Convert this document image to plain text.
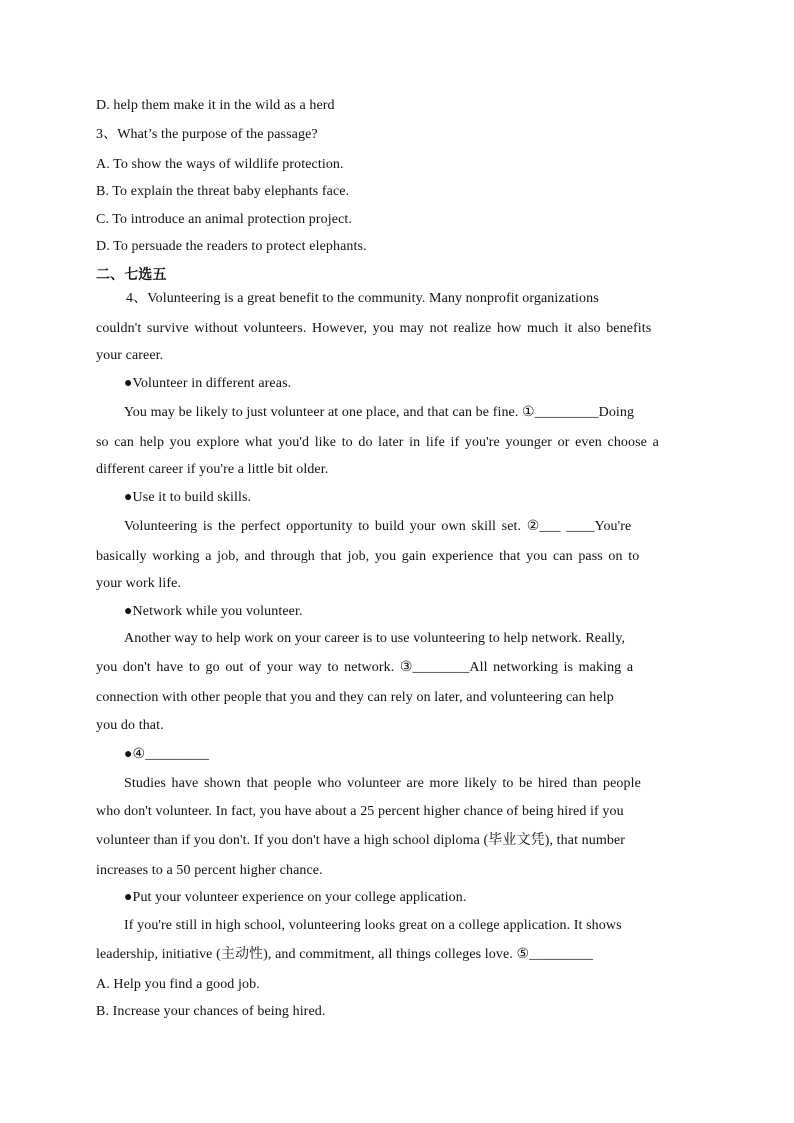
D. help them make it in the wild as a herd
3、What’s the purpose of the passage?
A. To show the ways of wildlife protection.
B. To explain the threat baby elephants face.
C. To introduce an animal protection project.
D. To persuade the readers to protect elephants.
二、七选五
4、Volunteering is a great benefit to the community. Many nonprofit organizations
couldn't survive without volunteers. However, you may not realize how much it also benefits
your career.
●Volunteer in different areas.
You may be likely to just volunteer at one place, and that can be fine. ①_________Doing
so can help you explore what you'd like to do later in life if you're younger or even choose a
different career if you're a little bit older.
●Use it to build skills.
Volunteering is the perfect opportunity to build your own skill set. ②___ ____You're
basically working a job, and through that job, you gain experience that you can pass on to
your work life.
●Network while you volunteer.
Another way to help work on your career is to use volunteering to help network. Really,
you don't have to go out of your way to network. ③________All networking is making a
connection with other people that you and they can rely on later, and volunteering can help
you do that.
●④_________
Studies have shown that people who volunteer are more likely to be hired than people
who don't volunteer. In fact, you have about a 25 percent higher chance of being hired if you
volunteer than if you don't. If you don't have a high school diploma (毕业文凭), that number
increases to a 50 percent higher chance.
●Put your volunteer experience on your college application.
If you're still in high school, volunteering looks great on a college application. It shows
leadership, initiative (主动性), and commitment, all things colleges love. ⑤_________
A. Help you find a good job.
B. Increase your chances of being hired.
